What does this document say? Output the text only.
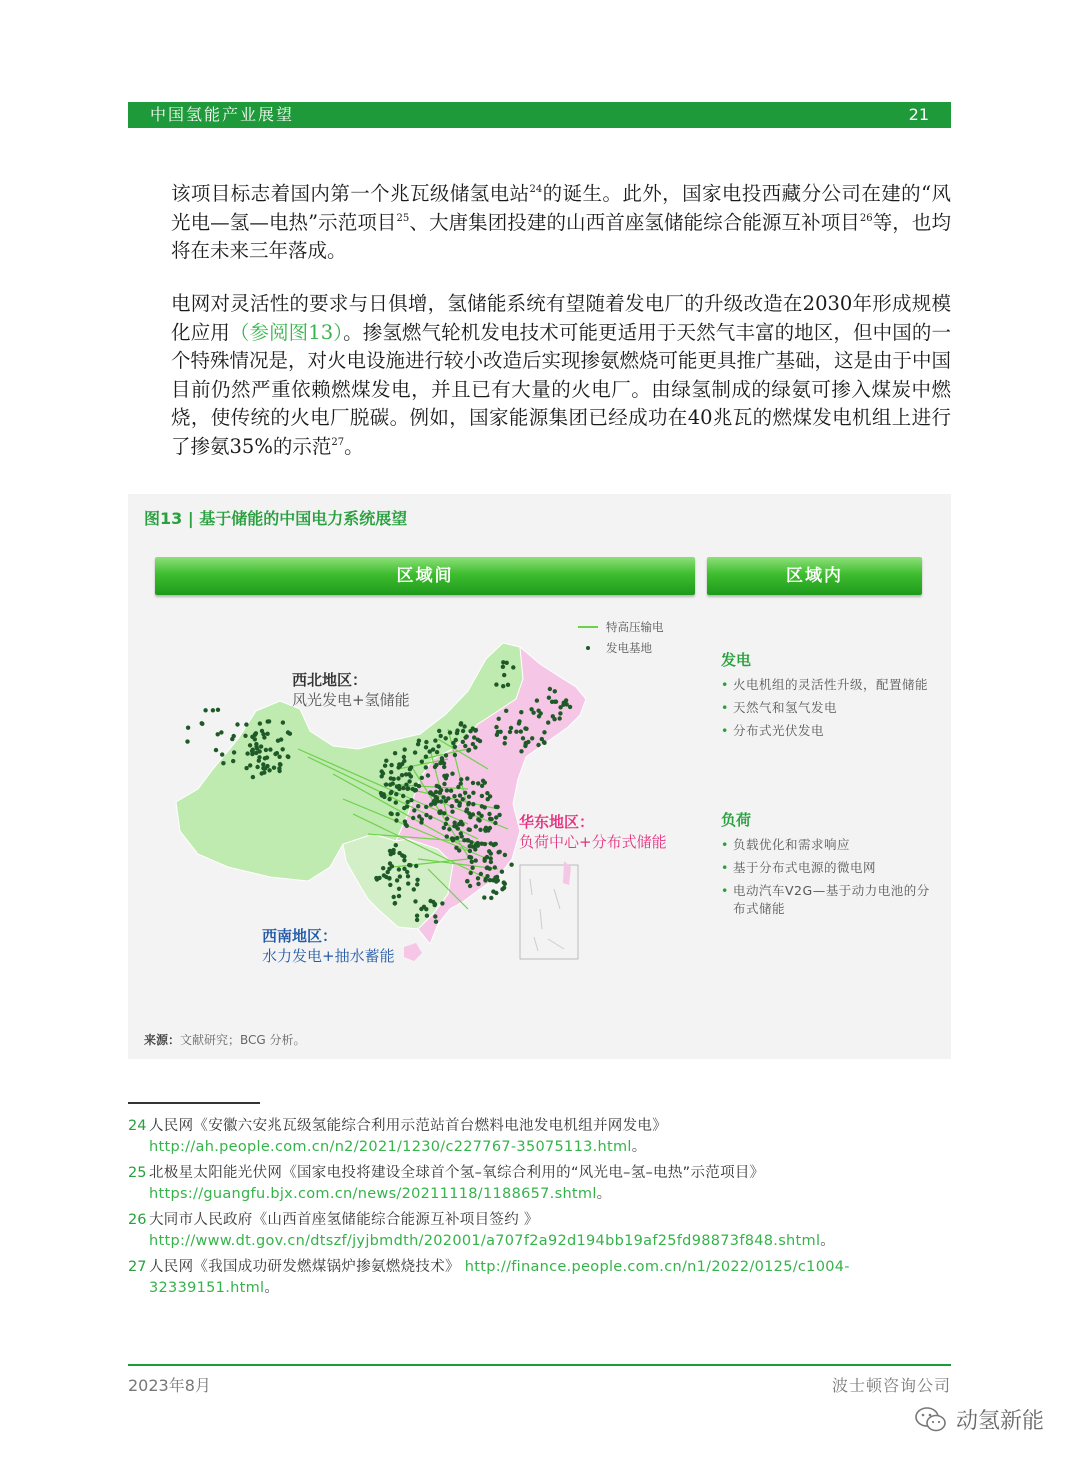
中国氢能产业展望	21

该项目标志着国内第一个兆瓦级储氢电站$^{24}$的诞生。此外，国家电投西藏分公司在建的“风光电—氢—电热”示范项目$^{25}$、大唐集团投建的山西首座氢储能综合能源互补项目$^{26}$等，也均将在未来三年落成。

电网对灵活性的要求与日俱增，氢储能系统有望随着发电厂的升级改造在2030年形成规模化应用（参阅图13）。掺氢燃气轮机发电技术可能更适用于天然气丰富的地区，但中国的一个特殊情况是，对火电设施进行较小改造后实现掺氨燃烧可能更具推广基础，这是由于中国目前仍然严重依赖燃煤发电，并且已有大量的火电厂。由绿氢制成的绿氨可掺入煤炭中燃烧，使传统的火电厂脱碳。例如，国家能源集团已经成功在40兆瓦的燃煤发电机组上进行了掺氨35%的示范$^{27}$。

图13 | 基于储能的中国电力系统展望
区域间	区域内
特高压输电
发电基地
西北地区：
风光发电+氢储能
华东地区：
负荷中心+分布式储能
西南地区：
水力发电+抽水蓄能
发电
• 火电机组的灵活性升级，配置储能
• 天然气和氢气发电
• 分布式光伏发电
负荷
• 负载优化和需求响应
• 基于分布式电源的微电网
• 电动汽车V2G—基于动力电池的分布式储能
来源：文献研究；BCG 分析。
24 人民网《安徽六安兆瓦级氢能综合利用示范站首台燃料电池发电机组并网发电》 http://ah.people.com.cn/n2/2021/1230/c227767-35075113.html。
25 北极星太阳能光伏网《国家电投将建设全球首个氢–氧综合利用的“风光电–氢–电热”示范项目》 https://guangfu.bjx.com.cn/news/20211118/1188657.shtml。
26 大同市人民政府《山西首座氢储能综合能源互补项目签约 》 http://www.dt.gov.cn/dtszf/jyjbmdth/202001/a707f2a92d194bb19af25fd98873f848.shtml。
27 人民网《我国成功研发燃煤锅炉掺氨燃烧技术》 http://finance.people.com.cn/n1/2022/0125/c1004-32339151.html。
2023年8月	波士顿咨询公司
动氢新能
